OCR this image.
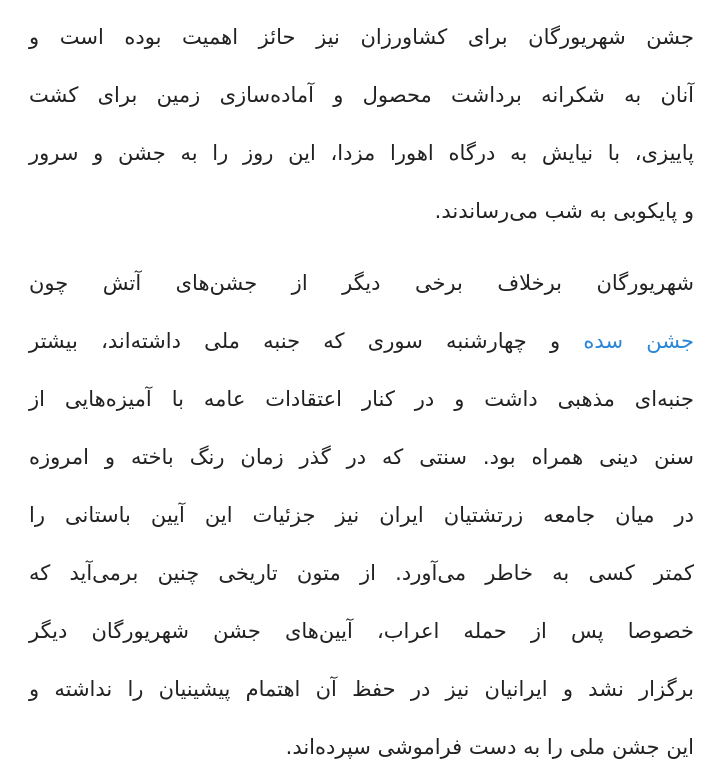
جشن شهریورگان برای کشاورزان نیز حائز اهمیت بوده است و
آنان به شکرانه برداشت محصول و آماده‌سازی زمین برای کشت
پاییزی، با نیایش به درگاه اهورا مزدا، این روز را به جشن و سرور
و پایکوبی به شب می‌رساندند.
شهریورگان برخلاف برخی دیگر از جشن‌های آتش چون
جشن سده و چهارشنبه سوری که جنبه ملی داشته‌اند، بیشتر
جنبه‌ای مذهبی داشت و در کنار اعتقادات عامه با آمیزه‌هایی از
سنن دینی همراه بود. سنتی که در گذر زمان رنگ باخته و امروزه
در میان جامعه زرتشتیان ایران نیز جزئیات این آیین باستانی را
کمتر کسی به خاطر می‌آورد. از متون تاریخی چنین برمی‌آید که
خصوصا پس از حمله اعراب، آیین‌های جشن شهریورگان دیگر
برگزار نشد و ایرانیان نیز در حفظ آن اهتمام پیشینیان را نداشته و
این جشن ملی را به دست فراموشی سپرده‌اند.
